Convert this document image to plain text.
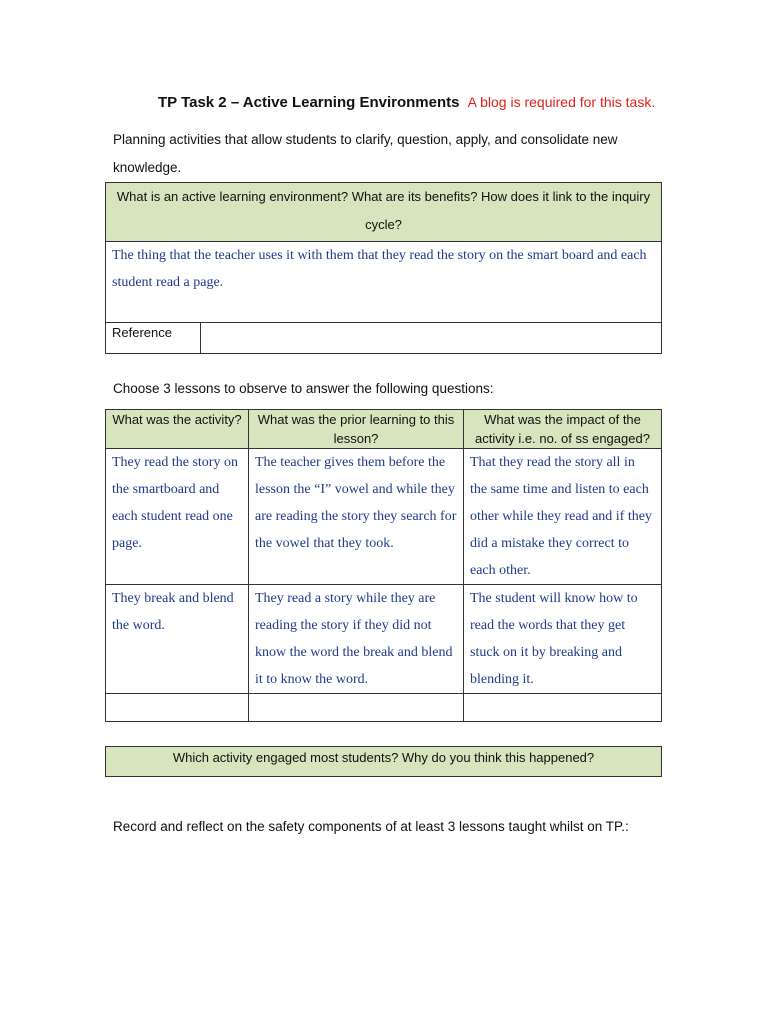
TP Task 2 – Active Learning Environments A blog is required for this task.
Planning activities that allow students to clarify, question, apply, and consolidate new knowledge.
What is an active learning environment? What are its benefits? How does it link to the inquiry cycle?
The thing that the teacher uses it with them that they read the story on the smart board and each student read a page.
Reference	
Choose 3 lessons to observe to answer the following questions:
What was the activity?	What was the prior learning to this lesson?	What was the impact of the activity i.e. no. of ss engaged?
They read the story on the smartboard and each student read one page.	The teacher gives them before the lesson the “I” vowel and while they are reading the story they search for the vowel that they took.	That they read the story all in the same time and listen to each other while they read and if they did a mistake they correct to each other.
They break and blend the word.	They read a story while they are reading the story if they did not know the word the break and blend it to know the word.	The student will know how to read the words that they get stuck on it by breaking and blending it.

Which activity engaged most students? Why do you think this happened?
Record and reflect on the safety components of at least 3 lessons taught whilst on TP.:
